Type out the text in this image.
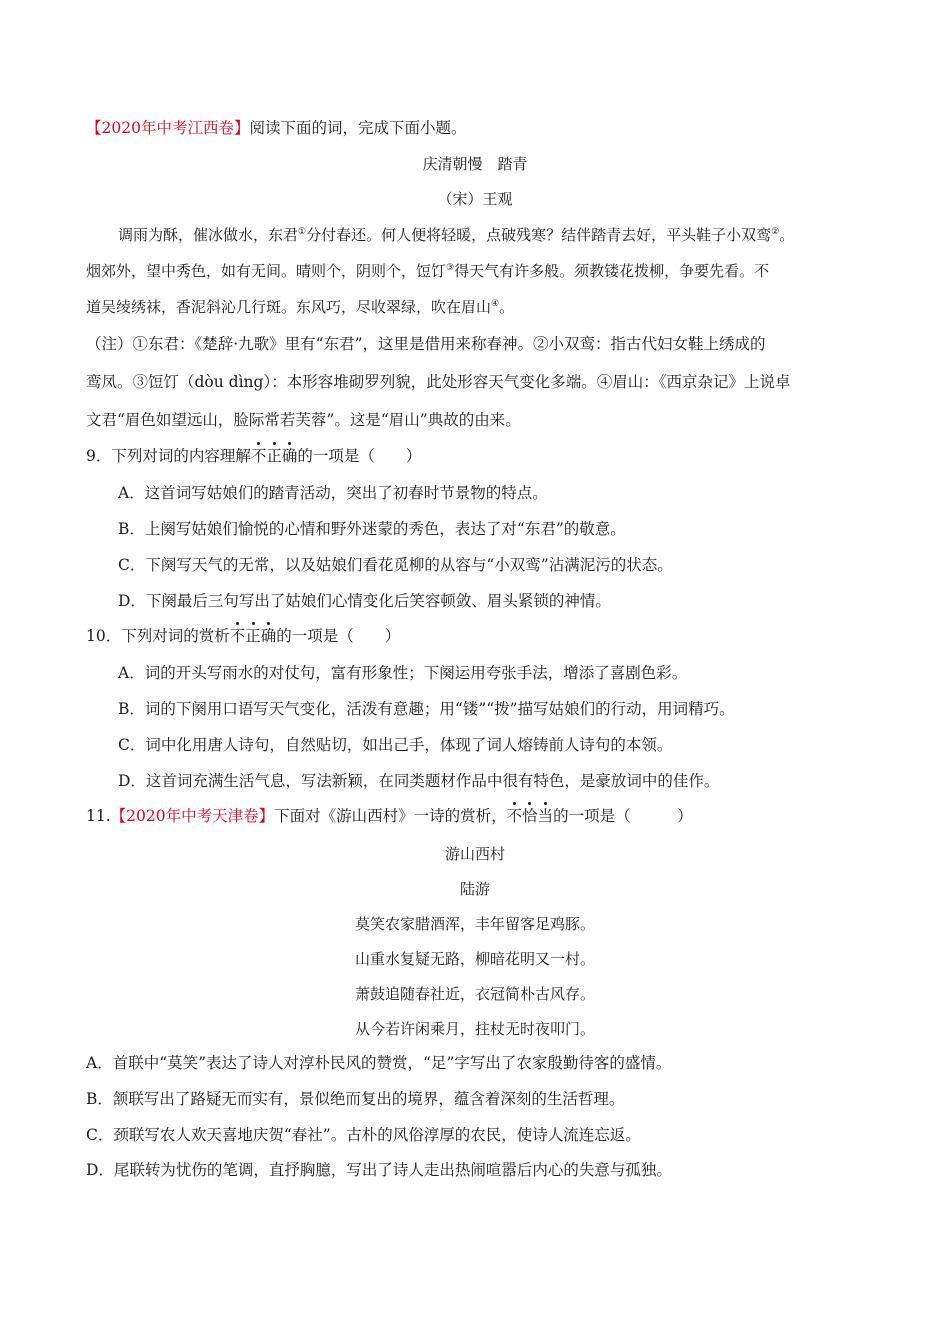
【2020年中考江西卷】阅读下面的词，完成下面小题。
庆清朝慢　踏青
（宋）王观
调雨为酥，催冰做水，东君①分付春还。何人便将轻暖，点破残寒？结伴踏青去好，平头鞋子小双鸾②。
烟郊外，望中秀色，如有无间。晴则个，阴则个，饾饤③得天气有许多般。须教镂花拨柳，争要先看。不
道吴绫绣袜，香泥斜沁几行斑。东风巧，尽收翠绿，吹在眉山④。
（注）①东君：《楚辞·九歌》里有“东君”，这里是借用来称春神。②小双鸾：指古代妇女鞋上绣成的
鸾凤。③饾饤（dòu dìng）：本形容堆砌罗列貌，此处形容天气变化多端。④眉山：《西京杂记》上说卓
文君“眉色如望远山，脸际常若芙蓉”。这是“眉山”典故的由来。
9．下列对词的内容理解不正确的一项是（　　）
A．这首词写姑娘们的踏青活动，突出了初春时节景物的特点。
B．上阕写姑娘们愉悦的心情和野外迷蒙的秀色，表达了对“东君”的敬意。
C．下阕写天气的无常，以及姑娘们看花觅柳的从容与“小双鸾”沾满泥污的状态。
D．下阕最后三句写出了姑娘们心情变化后笑容顿敛、眉头紧锁的神情。
10．下列对词的赏析不正确的一项是（　　）
A．词的开头写雨水的对仗句，富有形象性；下阕运用夸张手法，增添了喜剧色彩。
B．词的下阕用口语写天气变化，活泼有意趣；用“镂”“拨”描写姑娘们的行动，用词精巧。
C．词中化用唐人诗句，自然贴切，如出己手，体现了词人熔铸前人诗句的本领。
D．这首词充满生活气息，写法新颖，在同类题材作品中很有特色，是豪放词中的佳作。
11.【2020年中考天津卷】下面对《游山西村》一诗的赏析，不恰当的一项是（　　　）
游山西村
陆游
莫笑农家腊酒浑，丰年留客足鸡豚。
山重水复疑无路，柳暗花明又一村。
萧鼓追随春社近，衣冠简朴古风存。
从今若许闲乘月，拄杖无时夜叩门。
A．首联中“莫笑”表达了诗人对淳朴民风的赞赏，“足”字写出了农家殷勤待客的盛情。
B．颔联写出了路疑无而实有，景似绝而复出的境界，蕴含着深刻的生活哲理。
C．颈联写农人欢天喜地庆贺“春社”。古朴的风俗淳厚的农民，使诗人流连忘返。
D．尾联转为忧伤的笔调，直抒胸臆，写出了诗人走出热闹喧嚣后内心的失意与孤独。
